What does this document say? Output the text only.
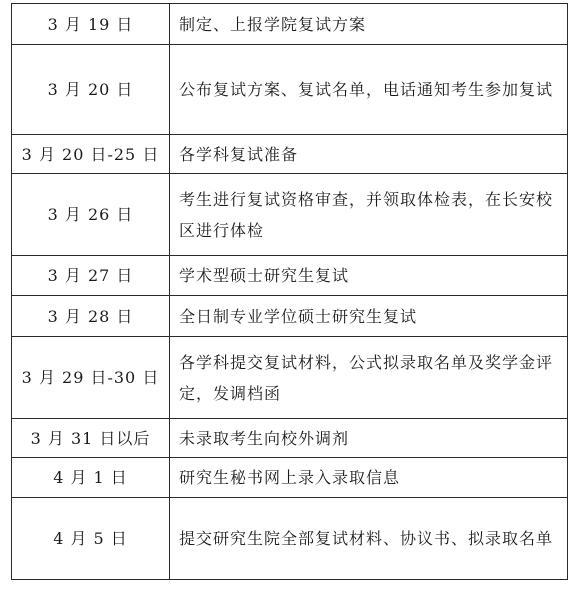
3 月 19 日	制定、上报学院复试方案
3 月 20 日	公布复试方案、复试名单，电话通知考生参加复试
3 月 20 日-25 日	各学科复试准备
3 月 26 日	考生进行复试资格审查，并领取体检表，在长安校区进行体检
3 月 27 日	学术型硕士研究生复试
3 月 28 日	全日制专业学位硕士研究生复试
3 月 29 日-30 日	各学科提交复试材料，公式拟录取名单及奖学金评定，发调档函
3 月 31 日以后	未录取考生向校外调剂
4 月 1 日	研究生秘书网上录入录取信息
4 月 5 日	提交研究生院全部复试材料、协议书、拟录取名单
